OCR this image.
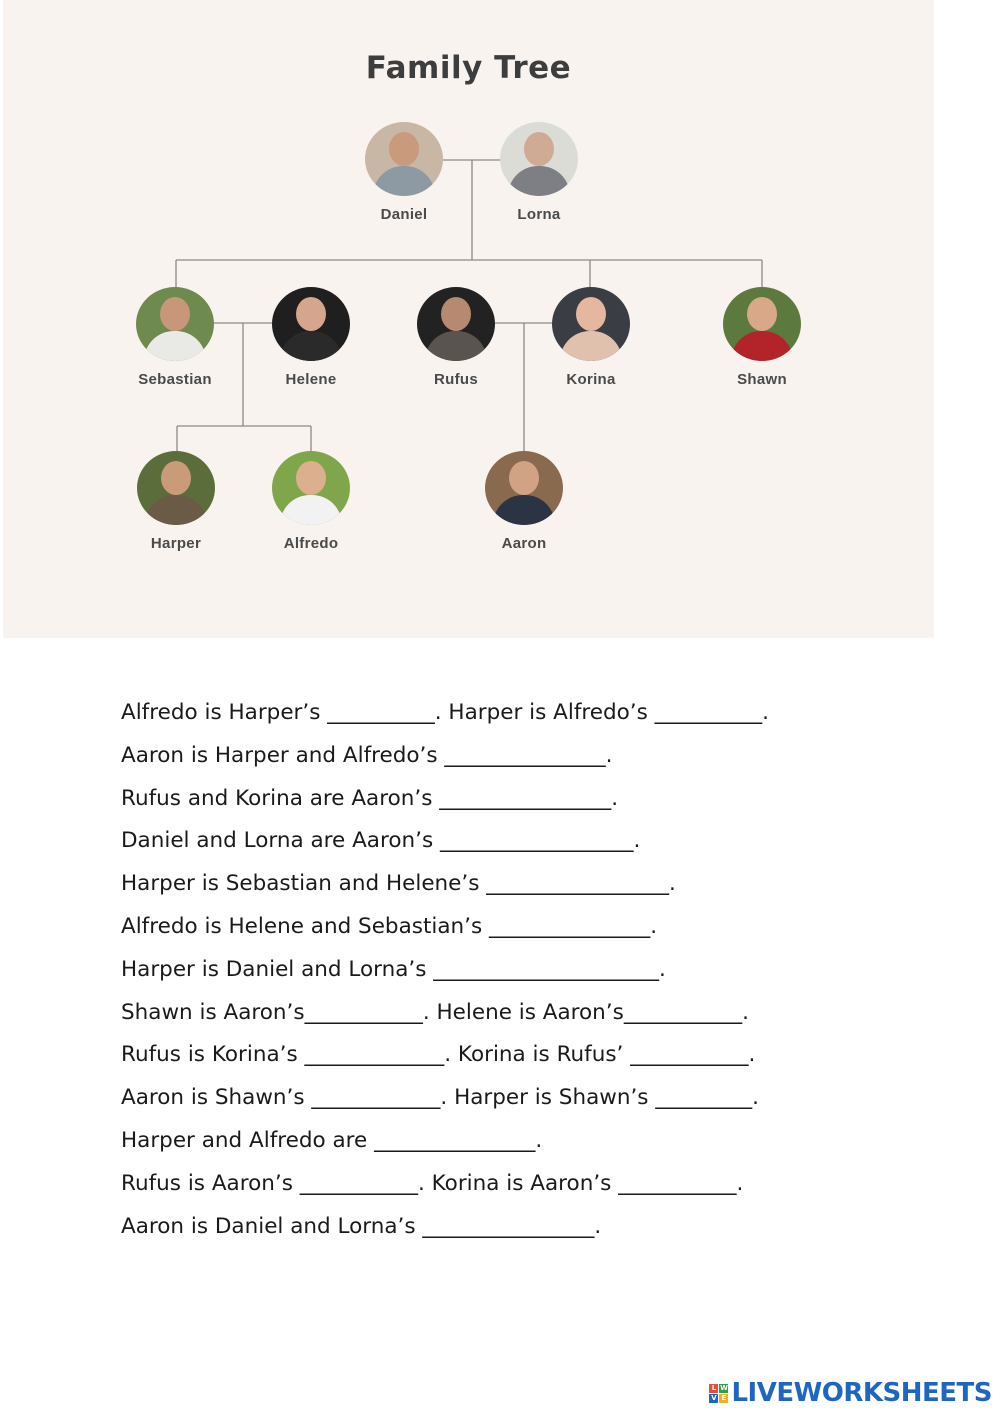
Family Tree
Daniel	Lorna
Sebastian	Helene	Rufus	Korina	Shawn
Harper	Alfredo	Aaron
Alfredo is Harper’s __________. Harper is Alfredo’s __________.
Aaron is Harper and Alfredo’s _______________.
Rufus and Korina are Aaron’s ________________.
Daniel and Lorna are Aaron’s __________________.
Harper is Sebastian and Helene’s _________________.
Alfredo is Helene and Sebastian’s _______________.
Harper is Daniel and Lorna’s _____________________.
Shawn is Aaron’s___________. Helene is Aaron’s___________.
Rufus is Korina’s _____________. Korina is Rufus’ ___________.
Aaron is Shawn’s ____________. Harper is Shawn’s _________.
Harper and Alfredo are _______________.
Rufus is Aaron’s ___________. Korina is Aaron’s ___________.
Aaron is Daniel and Lorna’s ________________.
L W
V E LIVEWORKSHEETS
